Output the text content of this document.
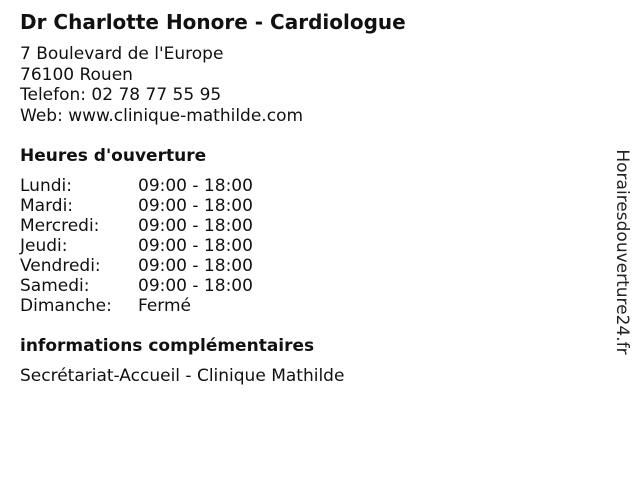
Dr Charlotte Honore - Cardiologue
7 Boulevard de l'Europe
76100 Rouen
Telefon: 02 78 77 55 95
Web: www.clinique-mathilde.com
Heures d'ouverture
Lundi:	09:00 - 18:00
Mardi:	09:00 - 18:00
Mercredi:	09:00 - 18:00
Jeudi:	09:00 - 18:00
Vendredi:	09:00 - 18:00
Samedi:	09:00 - 18:00
Dimanche:	Fermé
informations complémentaires
Secrétariat-Accueil - Clinique Mathilde
Horairesdouverture24.fr
